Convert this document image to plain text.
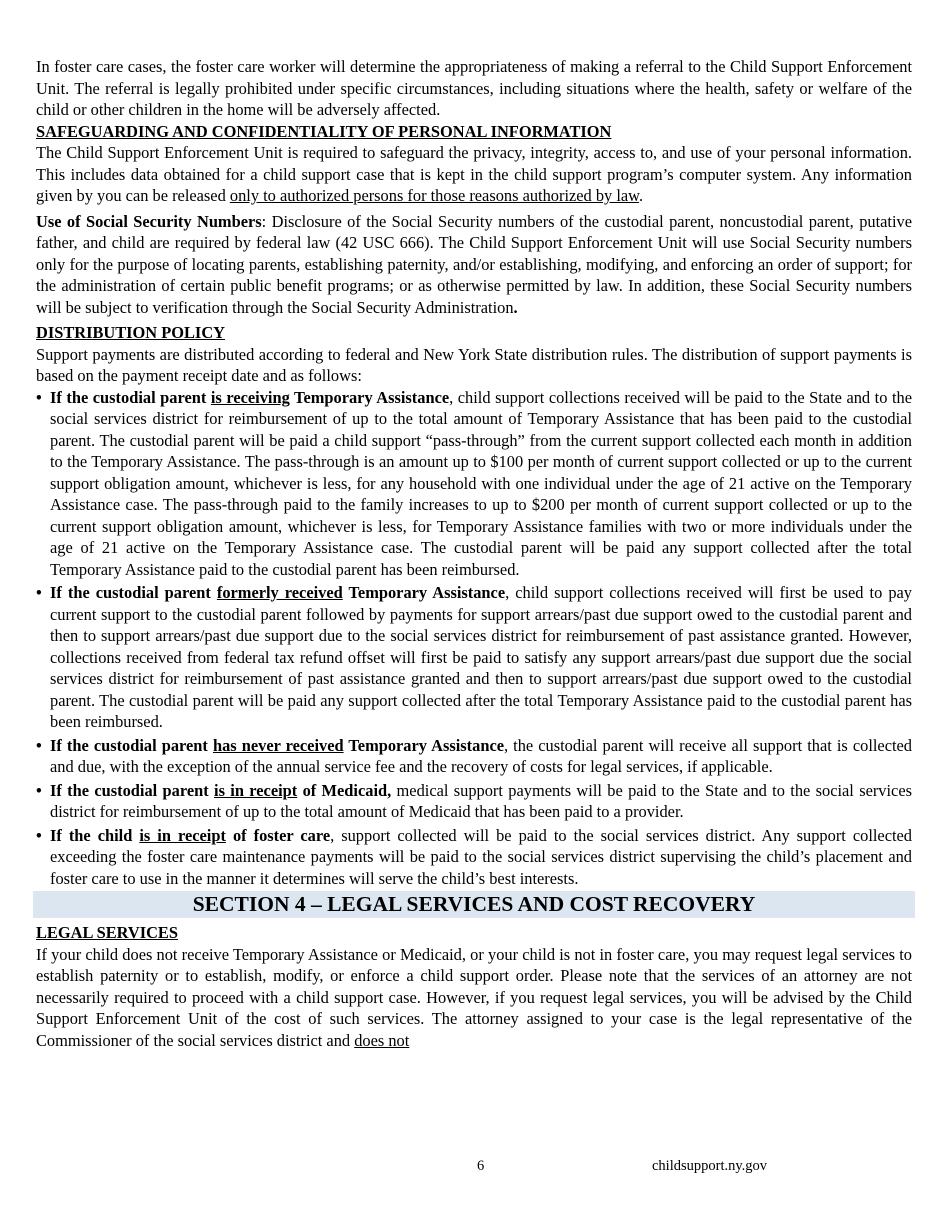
In foster care cases, the foster care worker will determine the appropriateness of making a referral to the Child Support Enforcement Unit. The referral is legally prohibited under specific circumstances, including situations where the health, safety or welfare of the child or other children in the home will be adversely affected.

SAFEGUARDING AND CONFIDENTIALITY OF PERSONAL INFORMATION

The Child Support Enforcement Unit is required to safeguard the privacy, integrity, access to, and use of your personal information. This includes data obtained for a child support case that is kept in the child support program’s computer system. Any information given by you can be released only to authorized persons for those reasons authorized by law.

Use of Social Security Numbers: Disclosure of the Social Security numbers of the custodial parent, noncustodial parent, putative father, and child are required by federal law (42 USC 666). The Child Support Enforcement Unit will use Social Security numbers only for the purpose of locating parents, establishing paternity, and/or establishing, modifying, and enforcing an order of support; for the administration of certain public benefit programs; or as otherwise permitted by law. In addition, these Social Security numbers will be subject to verification through the Social Security Administration.

DISTRIBUTION POLICY

Support payments are distributed according to federal and New York State distribution rules. The distribution of support payments is based on the payment receipt date and as follows:

• If the custodial parent is receiving Temporary Assistance, child support collections received will be paid to the State and to the social services district for reimbursement of up to the total amount of Temporary Assistance that has been paid to the custodial parent. The custodial parent will be paid a child support “pass-through” from the current support collected each month in addition to the Temporary Assistance. The pass-through is an amount up to $100 per month of current support collected or up to the current support obligation amount, whichever is less, for any household with one individual under the age of 21 active on the Temporary Assistance case. The pass-through paid to the family increases to up to $200 per month of current support collected or up to the current support obligation amount, whichever is less, for Temporary Assistance families with two or more individuals under the age of 21 active on the Temporary Assistance case. The custodial parent will be paid any support collected after the total Temporary Assistance paid to the custodial parent has been reimbursed.
• If the custodial parent formerly received Temporary Assistance, child support collections received will first be used to pay current support to the custodial parent followed by payments for support arrears/past due support owed to the custodial parent and then to support arrears/past due support due to the social services district for reimbursement of past assistance granted. However, collections received from federal tax refund offset will first be paid to satisfy any support arrears/past due support due the social services district for reimbursement of past assistance granted and then to support arrears/past due support owed to the custodial parent. The custodial parent will be paid any support collected after the total Temporary Assistance paid to the custodial parent has been reimbursed.
• If the custodial parent has never received Temporary Assistance, the custodial parent will receive all support that is collected and due, with the exception of the annual service fee and the recovery of costs for legal services, if applicable.
• If the custodial parent is in receipt of Medicaid, medical support payments will be paid to the State and to the social services district for reimbursement of up to the total amount of Medicaid that has been paid to a provider.
• If the child is in receipt of foster care, support collected will be paid to the social services district. Any support collected exceeding the foster care maintenance payments will be paid to the social services district supervising the child’s placement and foster care to use in the manner it determines will serve the child’s best interests.
SECTION 4 – LEGAL SERVICES AND COST RECOVERY
LEGAL SERVICES

If your child does not receive Temporary Assistance or Medicaid, or your child is not in foster care, you may request legal services to establish paternity or to establish, modify, or enforce a child support order. Please note that the services of an attorney are not necessarily required to proceed with a child support case. However, if you request legal services, you will be advised by the Child Support Enforcement Unit of the cost of such services. The attorney assigned to your case is the legal representative of the Commissioner of the social services district and does not

6	childsupport.ny.gov
